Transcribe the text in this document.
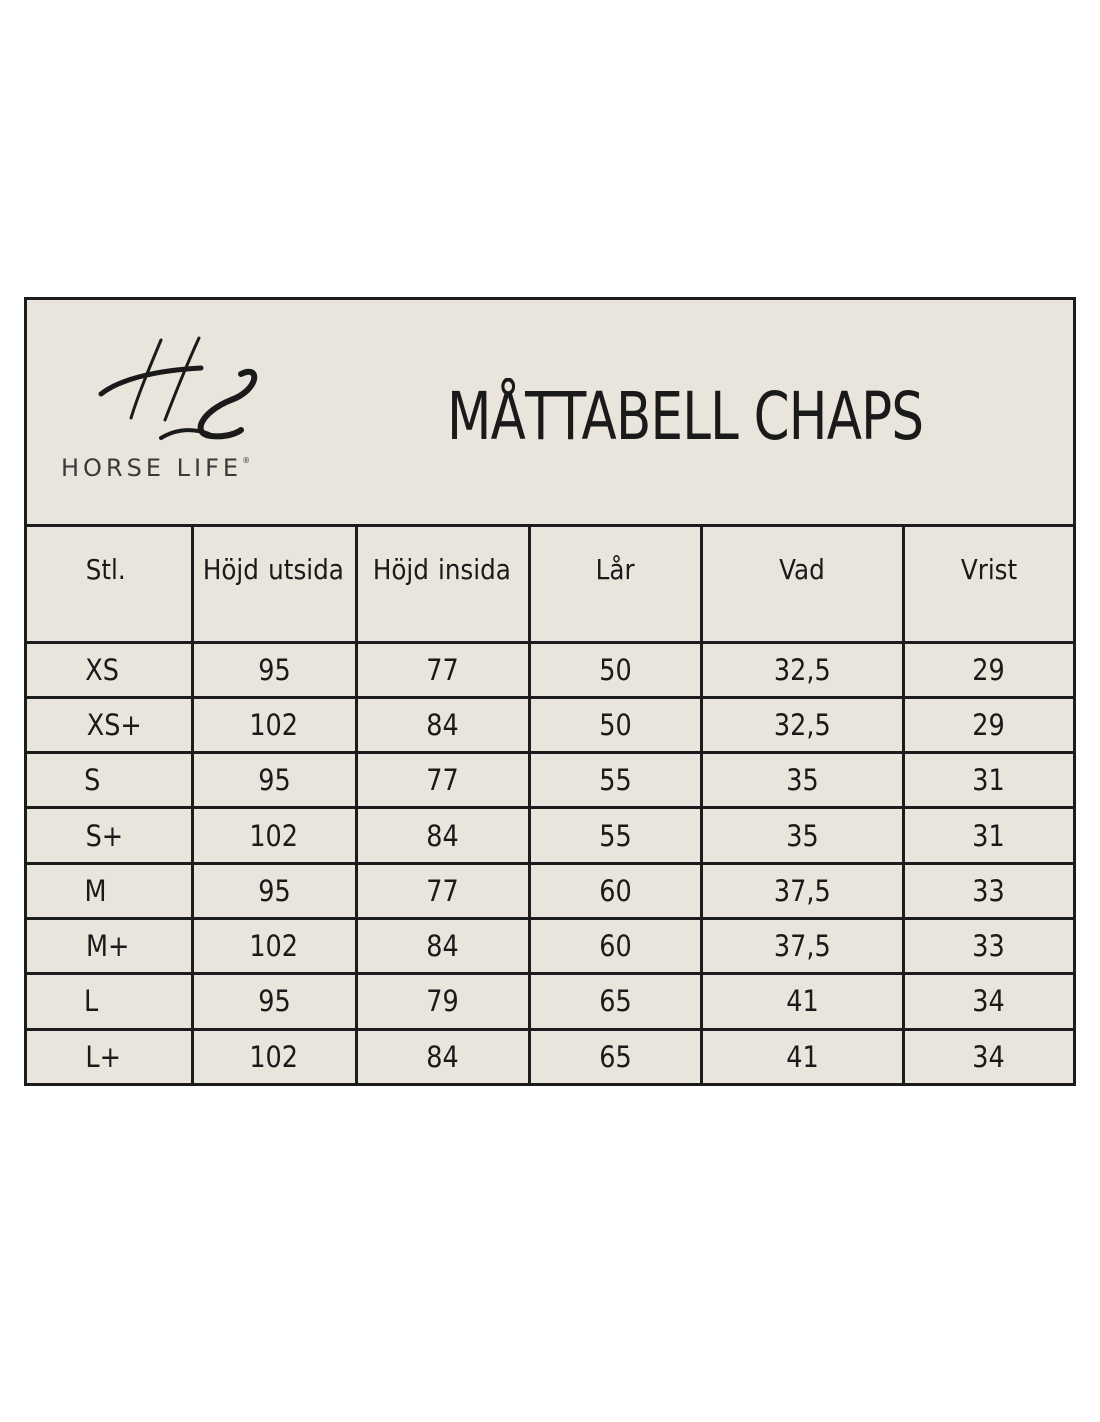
HORSE LIFE®
MÅTTABELL CHAPS
Stl.	Höjd utsida	Höjd insida	Lår	Vad	Vrist
XS	95	77	50	32,5	29
XS+	102	84	50	32,5	29
S	95	77	55	35	31
S+	102	84	55	35	31
M	95	77	60	37,5	33
M+	102	84	60	37,5	33
L	95	79	65	41	34
L+	102	84	65	41	34
